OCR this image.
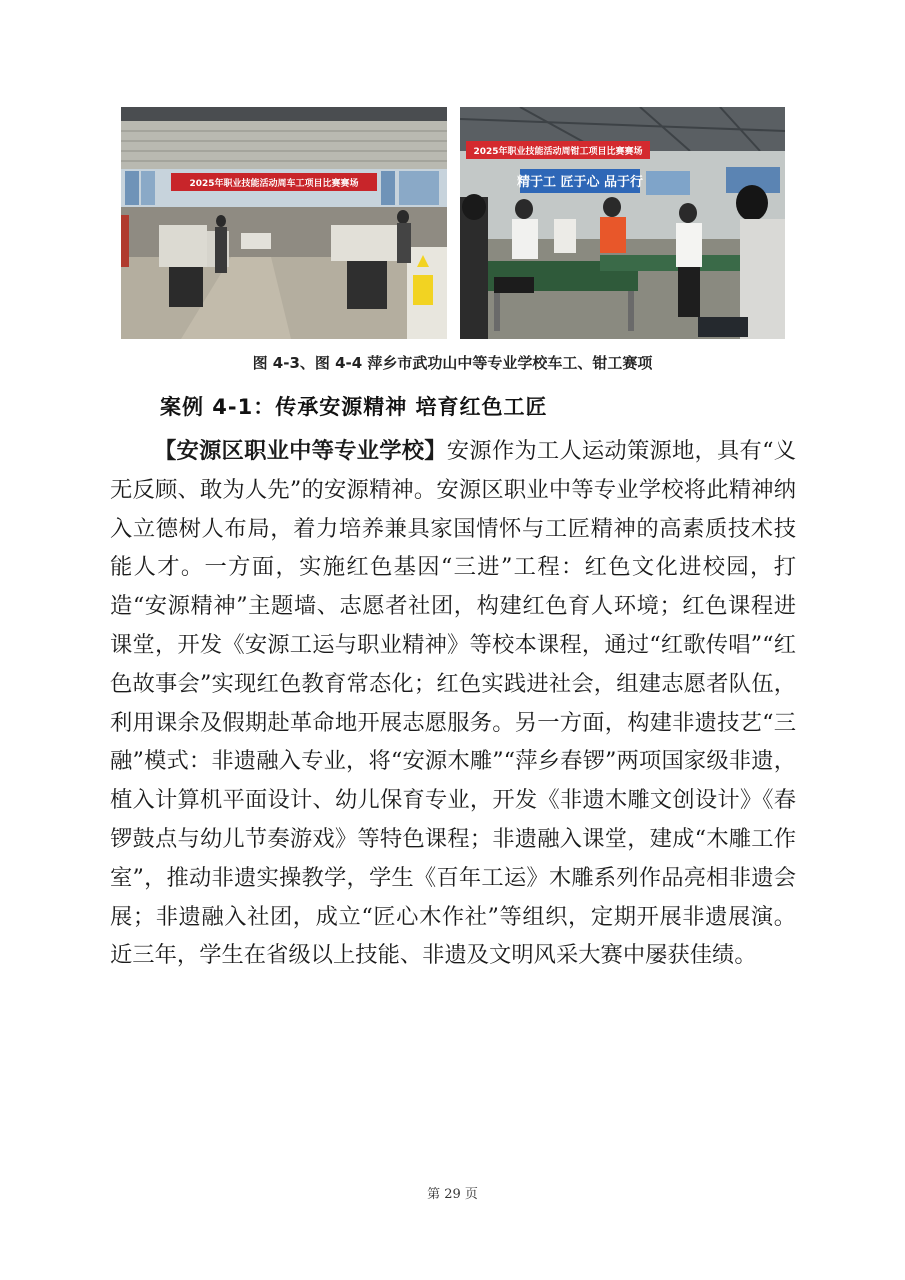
2025年职业技能活动周车工项目比赛赛场
2025年职业技能活动周钳工项目比赛赛场
精于工 匠于心 品于行
图 4-3、图 4-4 萍乡市武功山中等专业学校车工、钳工赛项
案例 4-1：传承安源精神 培育红色工匠

【安源区职业中等专业学校】安源作为工人运动策源地，具有“义无反顾、敢为人先”的安源精神。安源区职业中等专业学校将此精神纳入立德树人布局，着力培养兼具家国情怀与工匠精神的高素质技术技能人才。一方面，实施红色基因“三进”工程：红色文化进校园，打造“安源精神”主题墙、志愿者社团，构建红色育人环境；红色课程进课堂，开发《安源工运与职业精神》等校本课程，通过“红歌传唱”“红色故事会”实现红色教育常态化；红色实践进社会，组建志愿者队伍，利用课余及假期赴革命地开展志愿服务。另一方面，构建非遗技艺“三融”模式：非遗融入专业，将“安源木雕”“萍乡春锣”两项国家级非遗，植入计算机平面设计、幼儿保育专业，开发《非遗木雕文创设计》《春锣鼓点与幼儿节奏游戏》等特色课程；非遗融入课堂，建成“木雕工作室”，推动非遗实操教学，学生《百年工运》木雕系列作品亮相非遗会展；非遗融入社团，成立“匠心木作社”等组织，定期开展非遗展演。近三年，学生在省级以上技能、非遗及文明风采大赛中屡获佳绩。

第 29 页
